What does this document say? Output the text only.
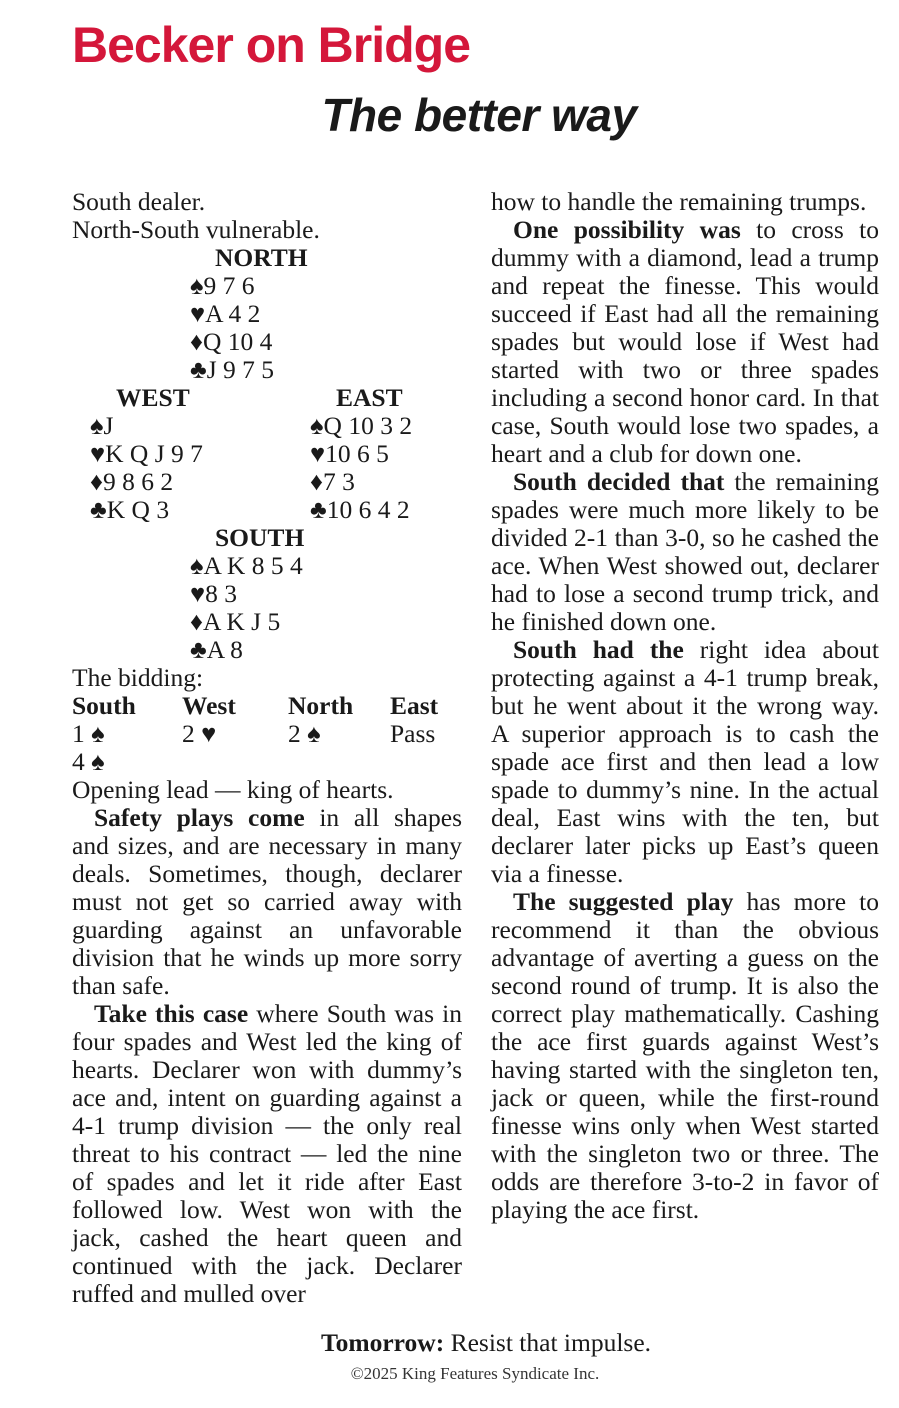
Becker on Bridge
The better way
South dealer.
North-South vulnerable.
NORTH
♠9 7 6
♥A 4 2
♦Q 10 4
♣J 9 7 5
WEST	EAST
♠J	♠Q 10 3 2
♥K Q J 9 7	♥10 6 5
♦9 8 6 2	♦7 3
♣K Q 3	♣10 6 4 2
SOUTH
♠A K 8 5 4
♥8 3
♦A K J 5
♣A 8
The bidding:
South West North East
1 ♠	2 ♥	2 ♠	Pass
4 ♠
Opening lead — king of hearts.
Safety plays come in all shapes and sizes, and are necessary in many deals. Sometimes, though, declarer must not get so carried away with guarding against an unfavorable division that he winds up more sorry than safe.
Take this case where South was in four spades and West led the king of hearts. Declarer won with dummy’s ace and, intent on guarding against a 4-1 trump division — the only real threat to his contract — led the nine of spades and let it ride after East followed low. West won with the jack, cashed the heart queen and continued with the jack. Declarer ruffed and mulled over
how to handle the remaining trumps.
One possibility was to cross to dummy with a diamond, lead a trump and repeat the finesse. This would succeed if East had all the remaining spades but would lose if West had started with two or three spades including a second honor card. In that case, South would lose two spades, a heart and a club for down one.
South decided that the remaining spades were much more likely to be divided 2-1 than 3-0, so he cashed the ace. When West showed out, declarer had to lose a second trump trick, and he finished down one.
South had the right idea about protecting against a 4-1 trump break, but he went about it the wrong way. A superior approach is to cash the spade ace first and then lead a low spade to dummy’s nine. In the actual deal, East wins with the ten, but declarer later picks up East’s queen via a finesse.
The suggested play has more to recommend it than the obvious advantage of averting a guess on the second round of trump. It is also the correct play mathematically. Cashing the ace first guards against West’s having started with the singleton ten, jack or queen, while the first-round finesse wins only when West started with the singleton two or three. The odds are therefore 3-to-2 in favor of playing the ace first.
Tomorrow: Resist that impulse.
©2025 King Features Syndicate Inc.
